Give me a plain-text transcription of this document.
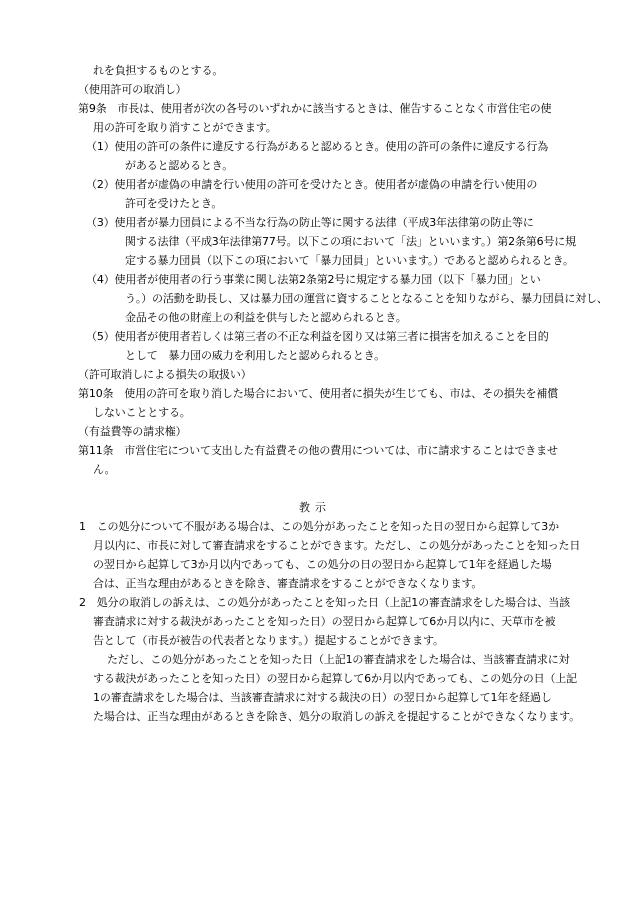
れを負担するものとする。
（使用許可の取消し）
第9条　市長は、使用者が次の各号のいずれかに該当するときは、催告することなく市営住宅の使
用の許可を取り消すことができます。
（1）使用の許可の条件に違反する行為があると認めるとき。使用の許可の条件に違反する行為
があると認めるとき。
（2）使用者が虚偽の申請を行い使用の許可を受けたとき。使用者が虚偽の申請を行い使用の
許可を受けたとき。
（3）使用者が暴力団員による不当な行為の防止等に関する法律（平成3年法律第の防止等に
関する法律（平成3年法律第77号。以下この項において「法」といいます。）第2条第6号に規
定する暴力団員（以下この項において「暴力団員」といいます。）であると認められるとき。
（4）使用者が使用者の行う事業に関し法第2条第2号に規定する暴力団（以下「暴力団」とい
う。）の活動を助長し、又は暴力団の運営に資することとなることを知りながら、暴力団員に対し、
金品その他の財産上の利益を供与したと認められるとき。
（5）使用者が使用者若しくは第三者の不正な利益を図り又は第三者に損害を加えることを目的
として　暴力団の威力を利用したと認められるとき。
（許可取消しによる損失の取扱い）
第10条　使用の許可を取り消した場合において、使用者に損失が生じても、市は、その損失を補償
しないこととする。
（有益費等の請求権）
第11条　市営住宅について支出した有益費その他の費用については、市に請求することはできませ
ん。
教示
1　この処分について不服がある場合は、この処分があったことを知った日の翌日から起算して3か
月以内に、市長に対して審査請求をすることができます。ただし、この処分があったことを知った日
の翌日から起算して3か月以内であっても、この処分の日の翌日から起算して1年を経過した場
合は、正当な理由があるときを除き、審査請求をすることができなくなります。
2　処分の取消しの訴えは、この処分があったことを知った日（上記1の審査請求をした場合は、当該
審査請求に対する裁決があったことを知った日）の翌日から起算して6か月以内に、天草市を被
告として（市長が被告の代表者となります。）提起することができます。
ただし、この処分があったことを知った日（上記1の審査請求をした場合は、当該審査請求に対
する裁決があったことを知った日）の翌日から起算して6か月以内であっても、この処分の日（上記
1の審査請求をした場合は、当該審査請求に対する裁決の日）の翌日から起算して1年を経過し
た場合は、正当な理由があるときを除き、処分の取消しの訴えを提起することができなくなります。
